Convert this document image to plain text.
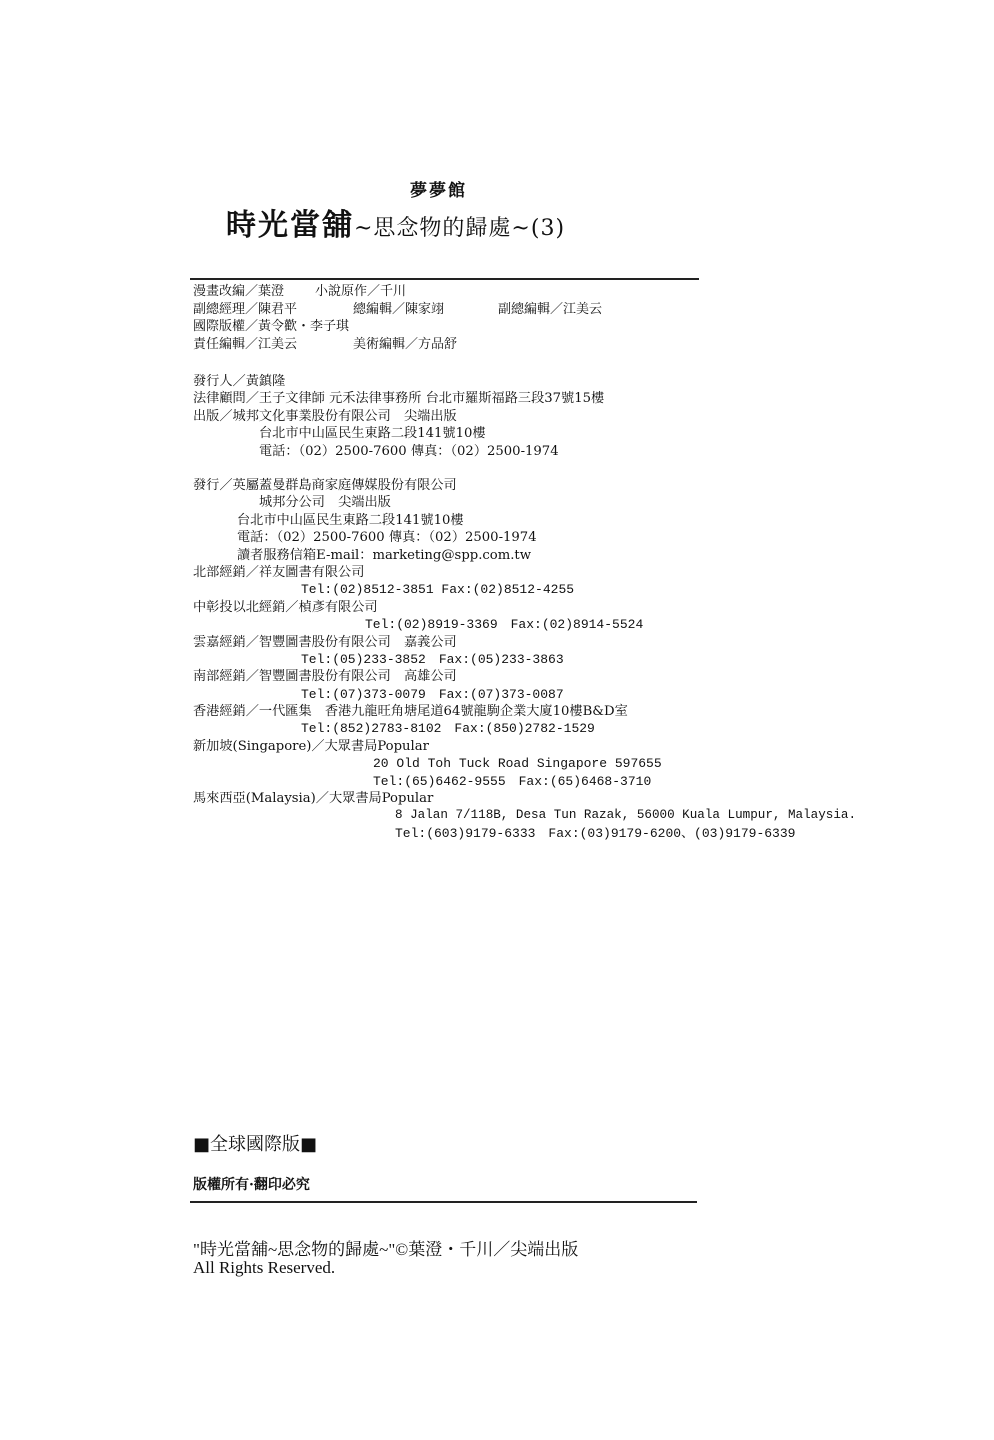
夢夢館
時光當舖~思念物的歸處~(3)
漫畫改編／葉澄 小說原作／千川
副總經理／陳君平	總編輯／陳家翊	副總編輯／江美云
國際版權／黃令歡・李子琪
責任編輯／江美云	美術編輯／方品舒
發行人／黃鎮隆
法律顧問／王子文律師 元禾法律事務所 台北市羅斯福路三段37號15樓
出版／城邦文化事業股份有限公司　尖端出版
台北市中山區民生東路二段141號10樓
電話：（02）2500-7600 傳真：（02）2500-1974
發行／英屬蓋曼群島商家庭傳媒股份有限公司
城邦分公司　尖端出版
台北市中山區民生東路二段141號10樓
電話：（02）2500-7600 傳真：（02）2500-1974
讀者服務信箱E-mail：marketing@spp.com.tw
北部經銷／祥友圖書有限公司
Tel:(02)8512-3851 Fax:(02)8512-4255
中彰投以北經銷／楨彥有限公司
Tel:(02)8919-3369　Fax:(02)8914-5524
雲嘉經銷／智豐圖書股份有限公司　嘉義公司
Tel:(05)233-3852　Fax:(05)233-3863
南部經銷／智豐圖書股份有限公司　高雄公司
Tel:(07)373-0079　Fax:(07)373-0087
香港經銷／一代匯集　香港九龍旺角塘尾道64號龍駒企業大廈10樓B&D室
Tel:(852)2783-8102　Fax:(850)2782-1529
新加坡(Singapore)／大眾書局Popular
20 Old Toh Tuck Road Singapore 597655
Tel:(65)6462-9555　Fax:(65)6468-3710
馬來西亞(Malaysia)／大眾書局Popular
8 Jalan 7/118B, Desa Tun Razak, 56000 Kuala Lumpur, Malaysia.
Tel:(603)9179-6333　Fax:(03)9179-6200、(03)9179-6339
■全球國際版■
版權所有·翻印必究
"時光當舖~思念物的歸處~"©葉澄・千川／尖端出版
All Rights Reserved.
